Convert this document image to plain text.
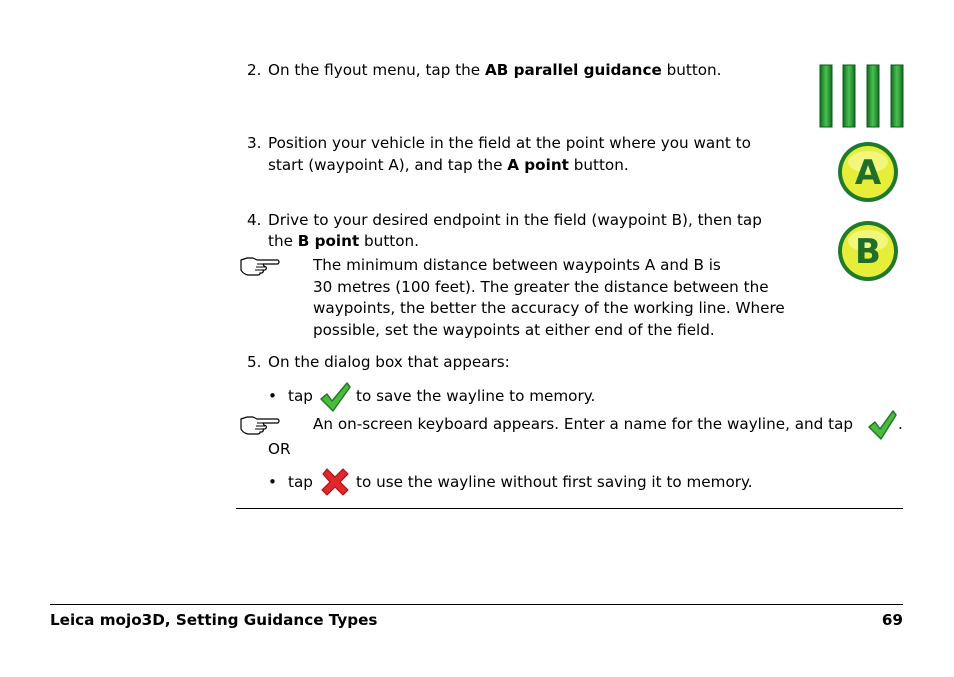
2. On the flyout menu, tap the AB parallel guidance button.
3. Position your vehicle in the field at the point where you want to
start (waypoint A), and tap the A point button.	A
4. Drive to your desired endpoint in the field (waypoint B), then tap
the B point button.	B
The minimum distance between waypoints A and B is
30 metres (100 feet). The greater the distance between the
waypoints, the better the accuracy of the working line. Where
possible, set the waypoints at either end of the field.
5. On the dialog box that appears:
• tap	to save the wayline to memory.
An on-screen keyboard appears. Enter a name for the wayline, and tap	.
OR
• tap	to use the wayline without first saving it to memory.
Leica mojo3D, Setting Guidance Types	69
